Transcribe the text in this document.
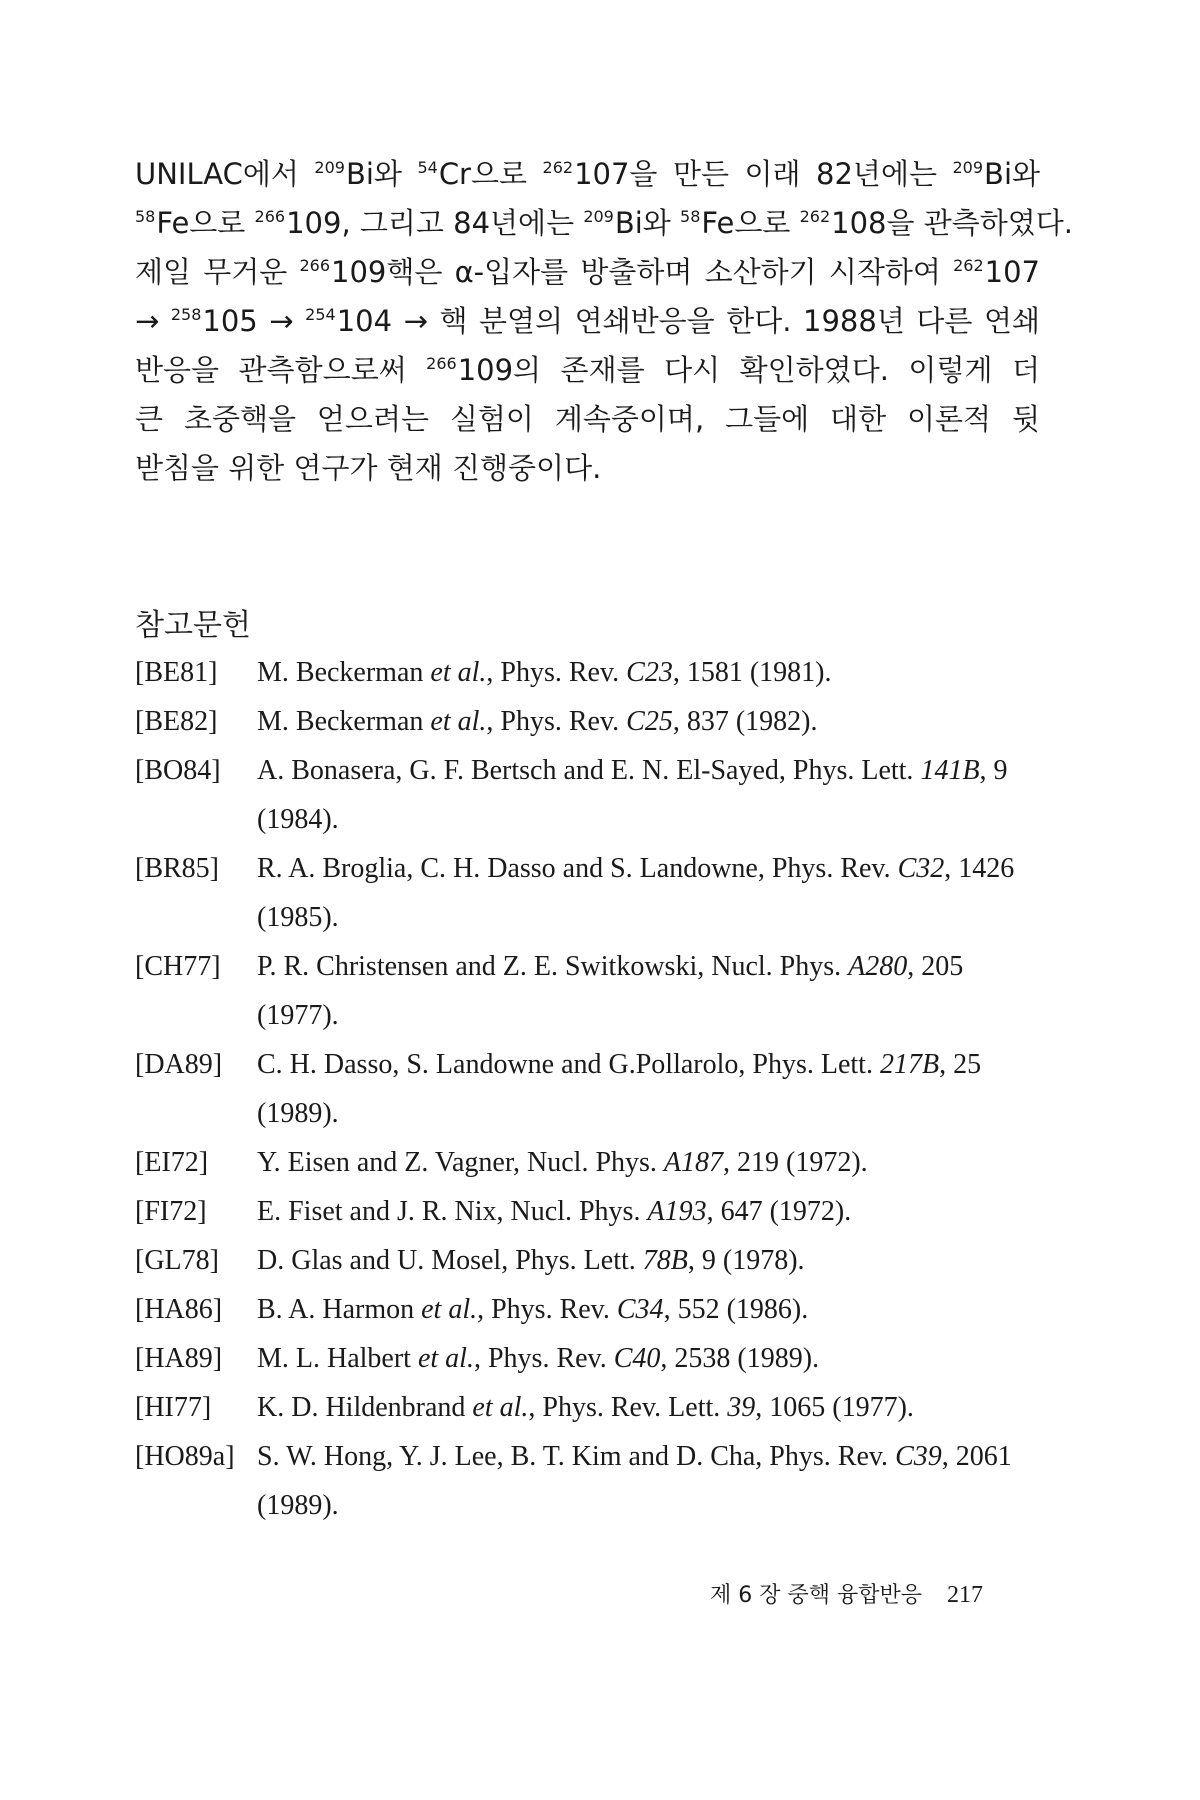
UNILAC에서 $^{209}$Bi와 $^{54}$Cr으로 $^{262}$107을 만든 이래 82년에는 $^{209}$Bi와
$^{58}$Fe으로 $^{266}$109, 그리고 84년에는 $^{209}$Bi와 $^{58}$Fe으로 $^{262}$108을 관측하였다.
제일 무거운 $^{266}$109핵은 α-입자를 방출하며 소산하기 시작하여 $^{262}$107
→ $^{258}$105 → $^{254}$104 → 핵 분열의 연쇄반응을 한다. 1988년 다른 연쇄
반응을 관측함으로써 $^{266}$109의 존재를 다시 확인하였다. 이렇게 더
큰 초중핵을 얻으려는 실험이 계속중이며, 그들에 대한 이론적 뒷
받침을 위한 연구가 현재 진행중이다.
참고문헌
[BE81]	M. Beckerman et al., Phys. Rev. C23, 1581 (1981).
[BE82]	M. Beckerman et al., Phys. Rev. C25, 837 (1982).
[BO84]	A. Bonasera, G. F. Bertsch and E. N. El-Sayed, Phys. Lett. 141B, 9 (1984).
[BR85]	R. A. Broglia, C. H. Dasso and S. Landowne, Phys. Rev. C32, 1426 (1985).
[CH77]	P. R. Christensen and Z. E. Switkowski, Nucl. Phys. A280, 205 (1977).
[DA89]	C. H. Dasso, S. Landowne and G.Pollarolo, Phys. Lett. 217B, 25 (1989).
[EI72]	Y. Eisen and Z. Vagner, Nucl. Phys. A187, 219 (1972).
[FI72]	E. Fiset and J. R. Nix, Nucl. Phys. A193, 647 (1972).
[GL78]	D. Glas and U. Mosel, Phys. Lett. 78B, 9 (1978).
[HA86]	B. A. Harmon et al., Phys. Rev. C34, 552 (1986).
[HA89]	M. L. Halbert et al., Phys. Rev. C40, 2538 (1989).
[HI77]	K. D. Hildenbrand et al., Phys. Rev. Lett. 39, 1065 (1977).
[HO89a] S. W. Hong, Y. J. Lee, B. T. Kim and D. Cha, Phys. Rev. C39, 2061 (1989).
제 6 장 중핵 융합반응 217
